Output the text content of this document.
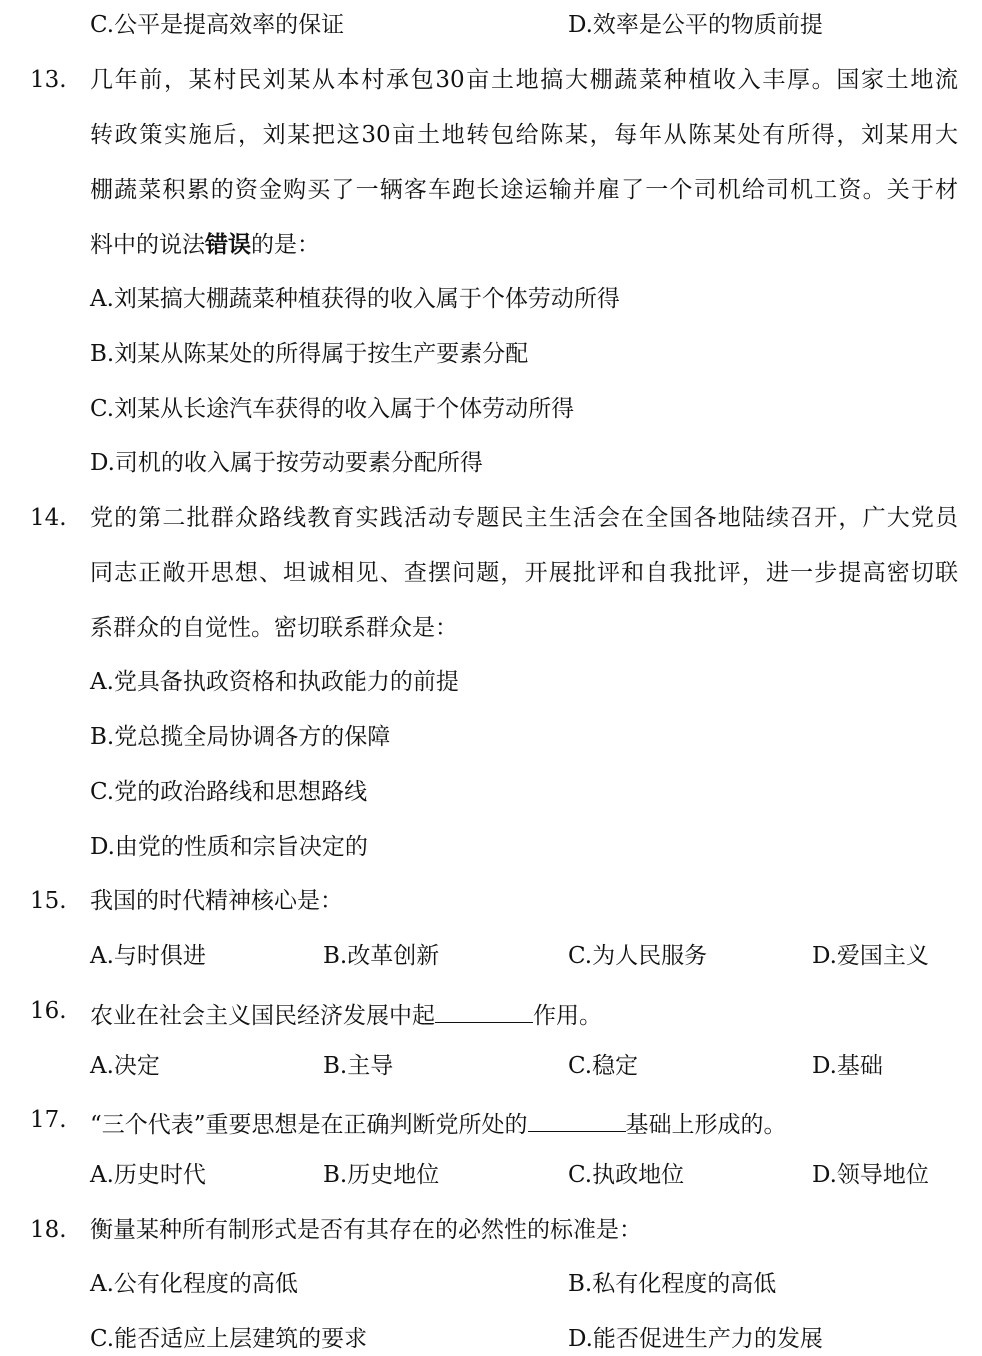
C.公平是提高效率的保证	D.效率是公平的物质前提
13. 几年前，某村民刘某从本村承包30亩土地搞大棚蔬菜种植收入丰厚。国家土地流
转政策实施后，刘某把这30亩土地转包给陈某，每年从陈某处有所得，刘某用大
棚蔬菜积累的资金购买了一辆客车跑长途运输并雇了一个司机给司机工资。关于材
料中的说法错误的是：
A.刘某搞大棚蔬菜种植获得的收入属于个体劳动所得
B.刘某从陈某处的所得属于按生产要素分配
C.刘某从长途汽车获得的收入属于个体劳动所得
D.司机的收入属于按劳动要素分配所得
14. 党的第二批群众路线教育实践活动专题民主生活会在全国各地陆续召开，广大党员
同志正敞开思想、坦诚相见、查摆问题，开展批评和自我批评，进一步提高密切联
系群众的自觉性。密切联系群众是：
A.党具备执政资格和执政能力的前提
B.党总揽全局协调各方的保障
C.党的政治路线和思想路线
D.由党的性质和宗旨决定的
15. 我国的时代精神核心是：
A.与时俱进	B.改革创新	C.为人民服务	D.爱国主义
16. 农业在社会主义国民经济发展中起	作用。
A.决定	B.主导	C.稳定	D.基础
17. “三个代表”重要思想是在正确判断党所处的	基础上形成的。
A.历史时代	B.历史地位	C.执政地位	D.领导地位
18. 衡量某种所有制形式是否有其存在的必然性的标准是：
A.公有化程度的高低	B.私有化程度的高低
C.能否适应上层建筑的要求	D.能否促进生产力的发展
